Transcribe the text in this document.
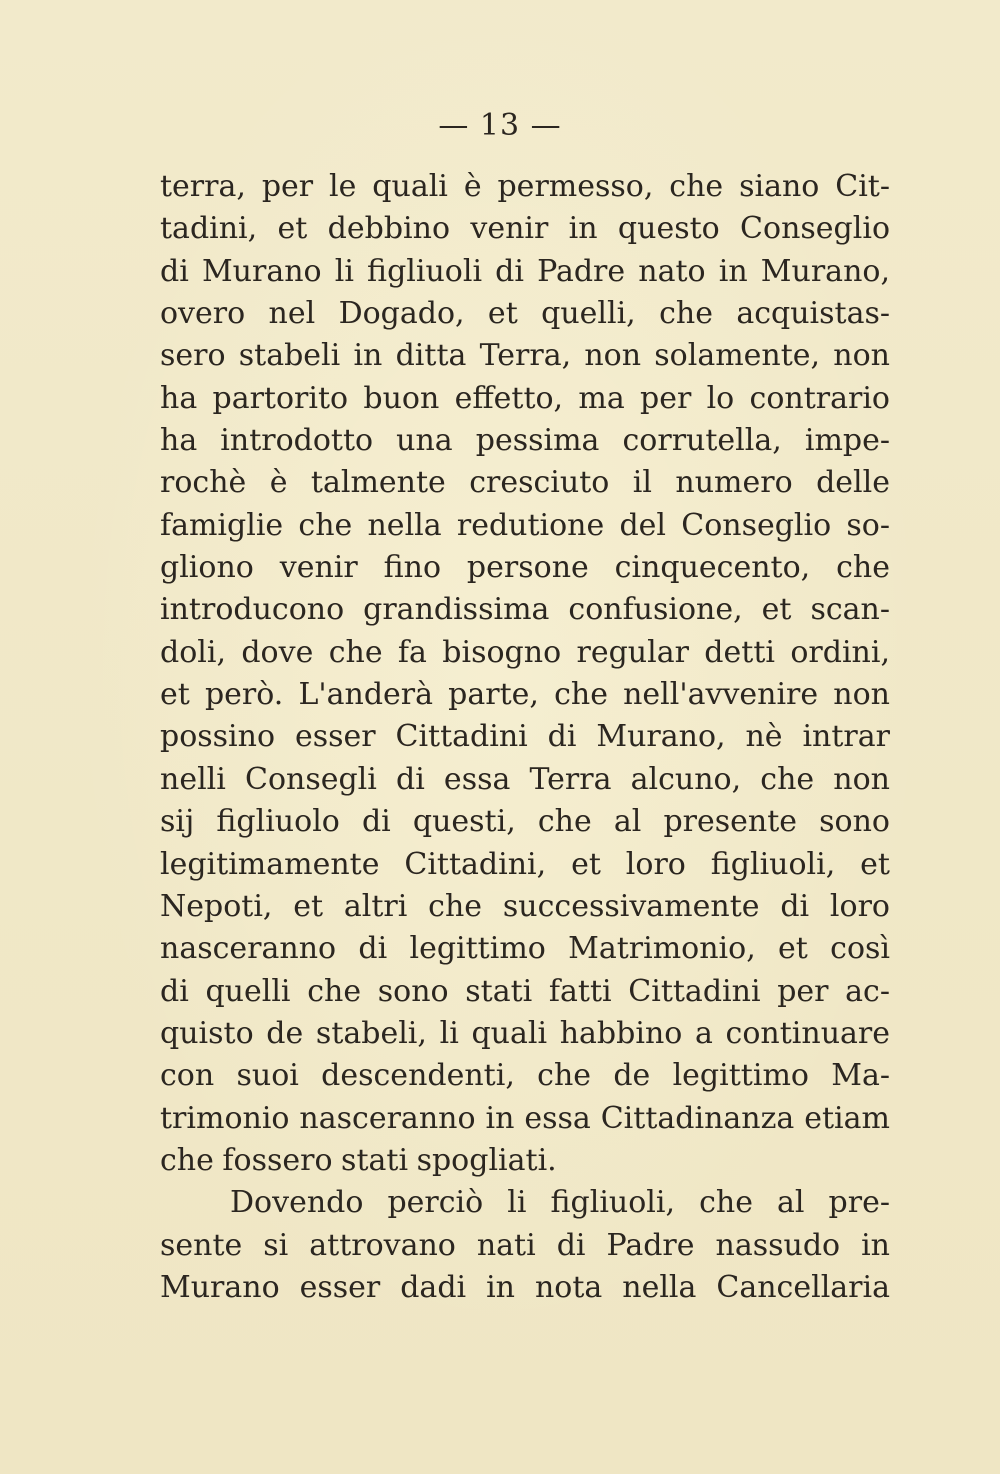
— 13 —
terra, per le quali è permesso, che siano Cit-
tadini, et debbino venir in questo Conseglio
di Murano li figliuoli di Padre nato in Murano,
overo nel Dogado, et quelli, che acquistas-
sero stabeli in ditta Terra, non solamente, non
ha partorito buon effetto, ma per lo contrario
ha introdotto una pessima corrutella, impe-
rochè è talmente cresciuto il numero delle
famiglie che nella redutione del Conseglio so-
gliono venir fino persone cinquecento, che
introducono grandissima confusione, et scan-
doli, dove che fa bisogno regular detti ordini,
et però. L'anderà parte, che nell'avvenire non
possino esser Cittadini di Murano, nè intrar
nelli Consegli di essa Terra alcuno, che non
sij figliuolo di questi, che al presente sono
legitimamente Cittadini, et loro figliuoli, et
Nepoti, et altri che successivamente di loro
nasceranno di legittimo Matrimonio, et così
di quelli che sono stati fatti Cittadini per ac-
quisto de stabeli, li quali habbino a continuare
con suoi descendenti, che de legittimo Ma-
trimonio nasceranno in essa Cittadinanza etiam
che fossero stati spogliati.
Dovendo perciò li figliuoli, che al pre-
sente si attrovano nati di Padre nassudo in
Murano esser dadi in nota nella Cancellaria
